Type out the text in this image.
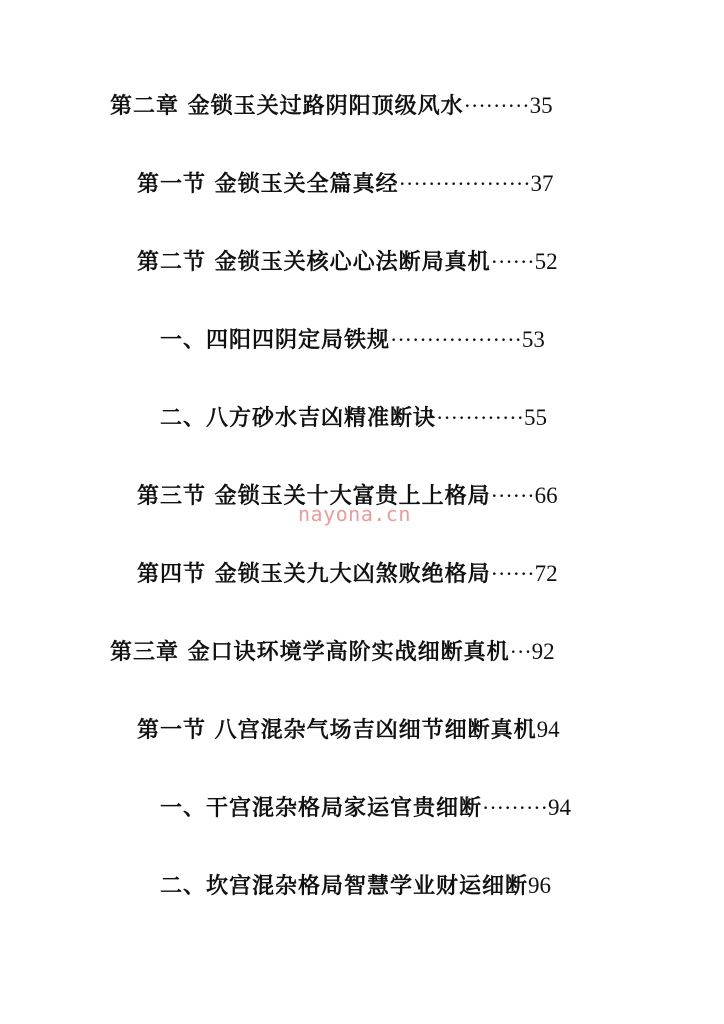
第二章 金锁玉关过路阴阳顶级风水·········35
第一节 金锁玉关全篇真经··················37
第二节 金锁玉关核心心法断局真机······52
一、四阳四阴定局铁规··················53
二、八方砂水吉凶精准断诀············55
第三节 金锁玉关十大富贵上上格局······66
第四节 金锁玉关九大凶煞败绝格局······72
第三章 金口诀环境学高阶实战细断真机···92
第一节 八宫混杂气场吉凶细节细断真机94
一、干宫混杂格局家运官贵细断·········94
二、坎宫混杂格局智慧学业财运细断96
nayona.cn
